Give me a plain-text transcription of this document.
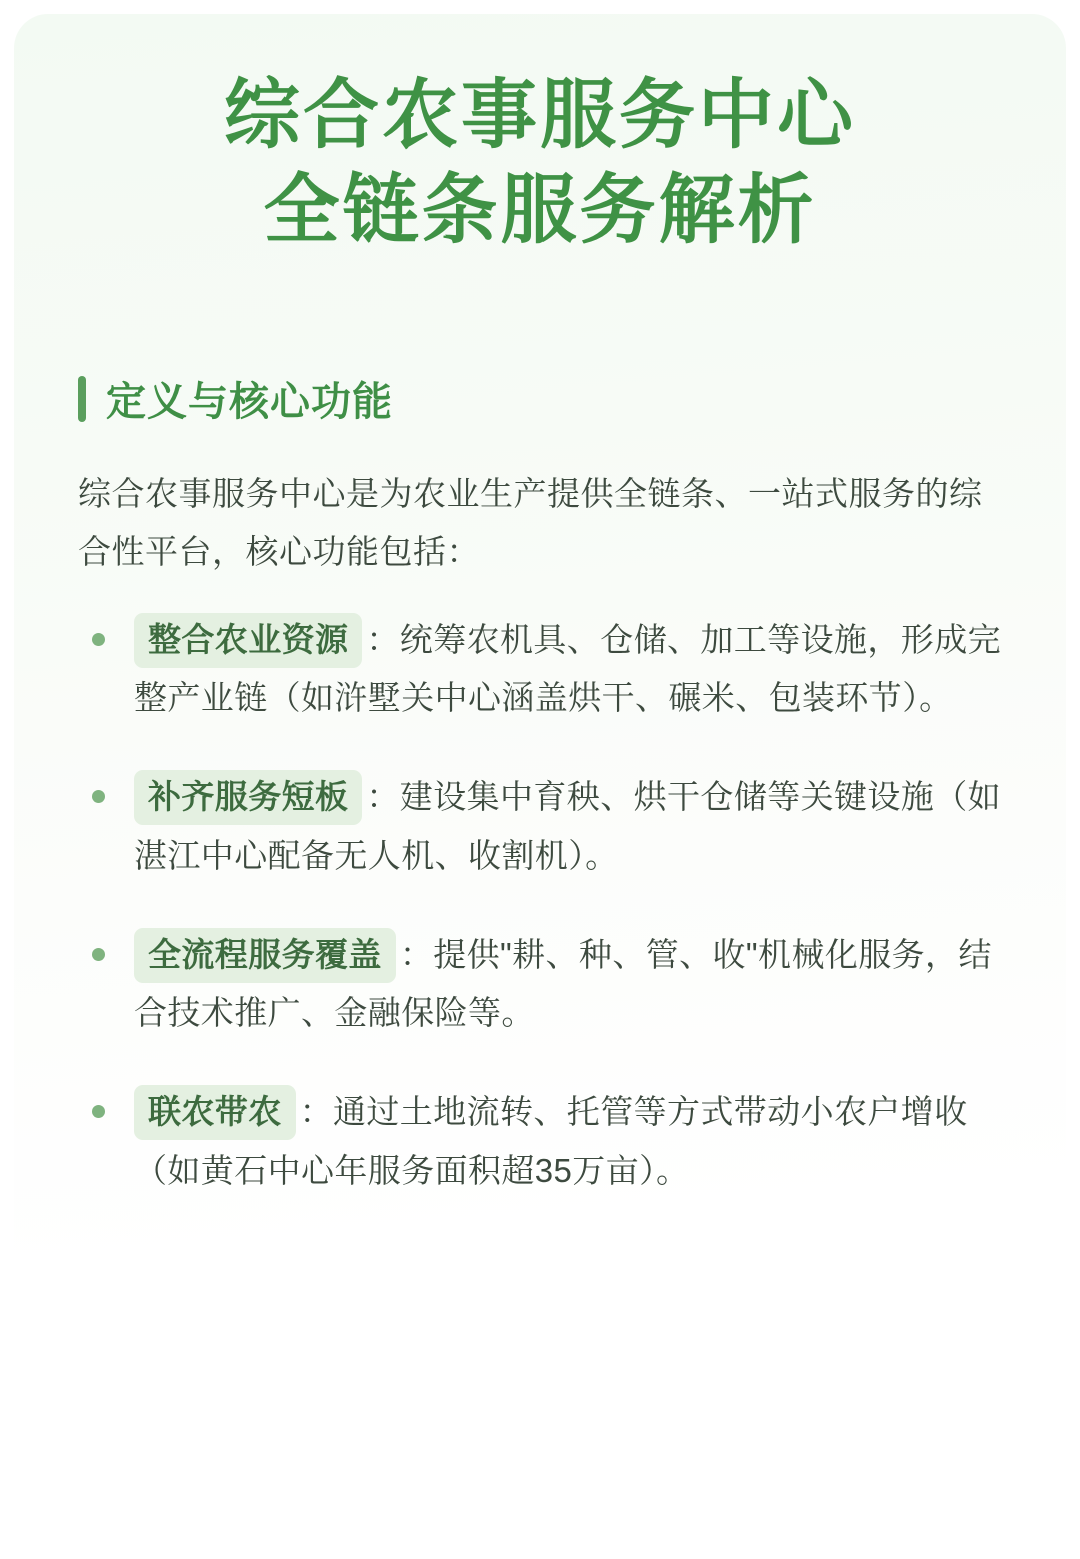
综合农事服务中心
全链条服务解析
定义与核心功能

综合农事服务中心是为农业生产提供全链条、一站式服务的综合性平台，核心功能包括：

整合农业资源 ：统筹农机具、仓储、加工等设施，形成完整产业链（如浒墅关中心涵盖烘干、碾米、包装环节）。
补齐服务短板 ：建设集中育秧、烘干仓储等关键设施（如湛江中心配备无人机、收割机）。
全流程服务覆盖 ：提供"耕、种、管、收"机械化服务，结合技术推广、金融保险等。
联农带农 ：通过土地流转、托管等方式带动小农户增收（如黄石中心年服务面积超35万亩）。
